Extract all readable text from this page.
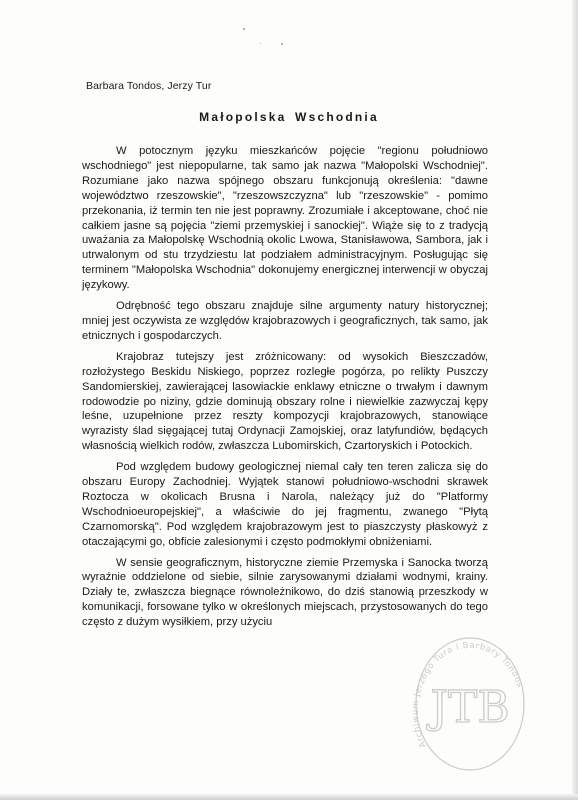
Barbara Tondos, Jerzy Tur
Małopolska Wschodnia

W potocznym języku mieszkańców pojęcie "regionu południowo wschodniego" jest niepopularne, tak samo jak nazwa "Małopolski Wschodniej". Rozumiane jako nazwa spójnego obszaru funkcjonują określenia: "dawne województwo rzeszowskie", "rzeszowszczyzna" lub "rzeszowskie" - pomimo przekonania, iż termin ten nie jest poprawny. Zrozumiałe i akceptowane, choć nie całkiem jasne są pojęcia "ziemi przemyskiej i sanockiej". Wiąże się to z tradycją uważania za Małopolskę Wschodnią okolic Lwowa, Stanisławowa, Sambora, jak i utrwalonym od stu trzydziestu lat podziałem administracyjnym. Posługując się terminem "Małopolska Wschodnia" dokonujemy energicznej interwencji w obyczaj językowy.

Odrębność tego obszaru znajduje silne argumenty natury historycznej; mniej jest oczywista ze względów krajobrazowych i geograficznych, tak samo, jak etnicznych i gospodarczych.

Krajobraz tutejszy jest zróżnicowany: od wysokich Bieszczadów, rozłożystego Beskidu Niskiego, poprzez rozległe pogórza, po relikty Puszczy Sandomierskiej, zawierającej lasowiackie enklawy etniczne o trwałym i dawnym rodowodzie po niziny, gdzie dominują obszary rolne i niewielkie zazwyczaj kępy leśne, uzupełnione przez reszty kompozycji krajobrazowych, stanowiące wyrazisty ślad sięgającej tutaj Ordynacji Zamojskiej, oraz latyfundiów, będących własnością wielkich rodów, zwłaszcza Lubomirskich, Czartoryskich i Potockich.

Pod względem budowy geologicznej niemal cały ten teren zalicza się do obszaru Europy Zachodniej. Wyjątek stanowi południowo-wschodni skrawek Roztocza w okolicach Brusna i Narola, należący już do "Platformy Wschodnioeuropejskiej", a właściwie do jej fragmentu, zwanego "Płytą Czarnomorską". Pod względem krajobrazowym jest to piaszczysty płaskowyż z otaczającymi go, obficie zalesionymi i często podmokłymi obniżeniami.

W sensie geograficznym, historyczne ziemie Przemyska i Sanocka tworzą wyraźnie oddzielone od siebie, silnie zarysowanymi działami wodnymi, krainy. Działy te, zwłaszcza biegnące równoleżnikowo, do dziś stanowią przeszkody w komunikacji, forsowane tylko w określonych miejscach, przystosowanych do tego często z dużym wysiłkiem, przy użyciu

Archiwum Jerzego Tura i Barbary Tondos
JTB
